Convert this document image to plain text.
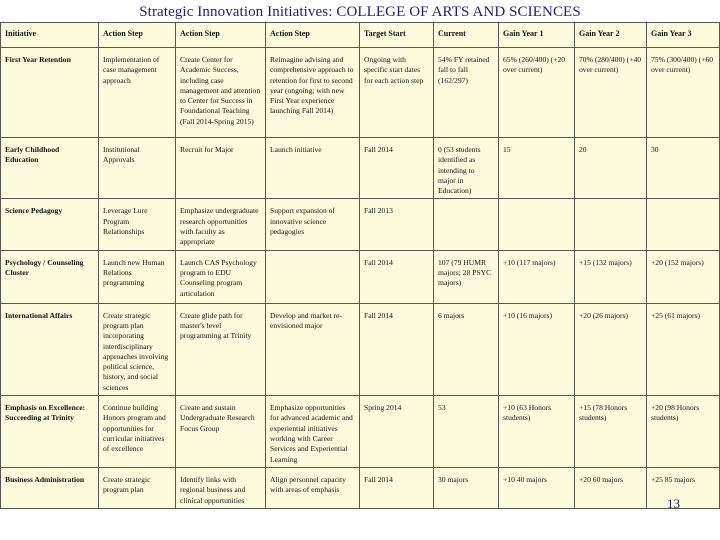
Strategic Innovation Initiatives: COLLEGE OF ARTS AND SCIENCES
Initiative	Action Step	Action Step	Action Step	Target Start	Current	Gain Year 1	Gain Year 2	Gain Year 3
First Year Retention	Implementation of case management approach	Create Center for Academic Success, including case management and attention to Center for Success in Foundational Teaching (Fall 2014-Spring 2015)	Reimagine advising and comprehensive approach to retention for first to second year (ongoing; with new First Year experience launching Fall 2014)	Ongoing with specific start dates for each action step	54% FY retained fall to fall (162/297)	65% (260/400) (+20 over current)	70% (280/400) (+40 over current)	75% (300/400) (+60 over current)
Early Childhood Education	Institutional Approvals	Recruit for Major	Launch initiative	Fall 2014	0 (53 students identified as intending to major in Education)	15	20	30
Science Pedagogy	Leverage Lure Program Relationships	Emphasize undergraduate research opportunities with faculty as appropriate	Support expansion of innovative science pedagogies	Fall 2013				
Psychology / Counseling Cluster	Launch new Human Relations programming	Launch CAS Psychology program to EDU Counseling program articulation		Fall 2014	107 (79 HUMR majors; 28 PSYC majors)	+10 (117 majors)	+15 (132 majors)	+20 (152 majors)
International Affairs	Create strategic program plan incorporating interdisciplinary approaches involving political science, history, and social sciences	Create glide path for master's level programming at Trinity	Develop and market re-envisioned major	Fall 2014	6 majors	+10 (16 majors)	+20 (26 majors)	+25 (61 majors)
Emphasis on Excellence: Succeeding at Trinity	Continue building Honors program and opportunities for curricular initiatives of excellence	Create and sustain Undergraduate Research Focus Group	Emphasize opportunities for advanced academic and experiential initiatives working with Career Services and Experiential Learning	Spring 2014	53	+10 (63 Honors students)	+15 (78 Honors students)	+20 (98 Honors students)
Business Administration	Create strategic program plan	Identify links with regional business and clinical opportunities	Align personnel capacity with areas of emphasis	Fall 2014	30 majors	+10 40 majors	+20 60 majors	+25 85 majors
13
